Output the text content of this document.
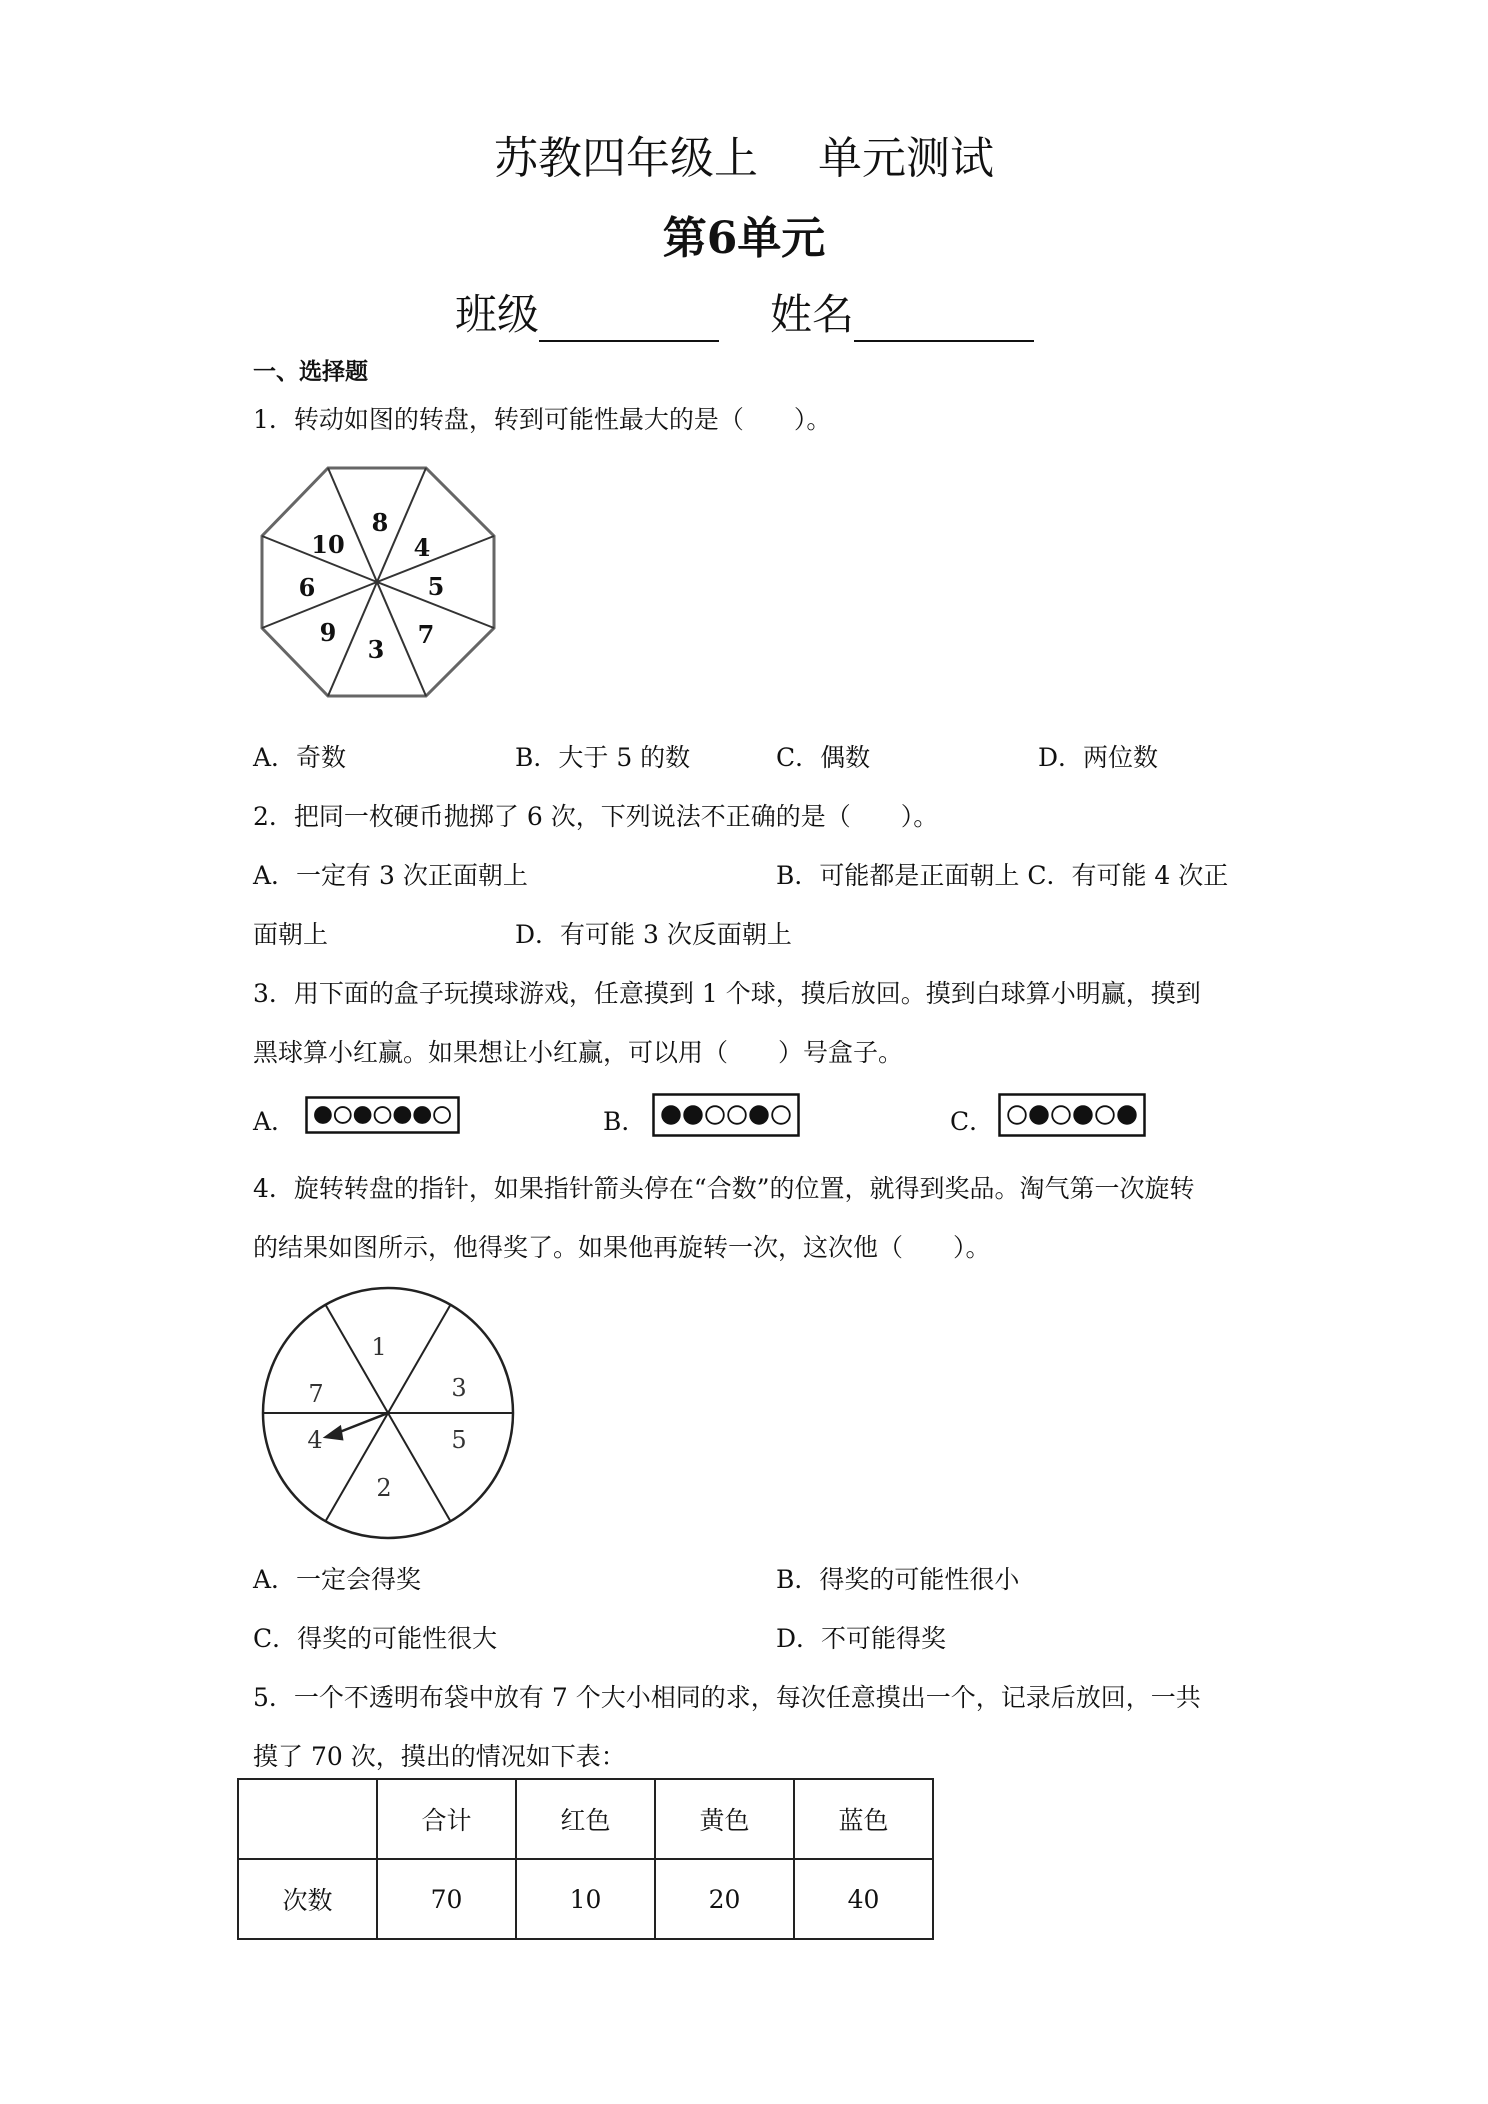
苏教四年级上 单元测试
第6单元
班级	姓名
一、选择题
1．转动如图的转盘，转到可能性最大的是（　　）。
8
4
5
7
3
9
6
10
A．奇数	B．大于 5 的数	C．偶数	D．两位数
2．把同一枚硬币抛掷了 6 次，下列说法不正确的是（　　）。
A．一定有 3 次正面朝上	B．可能都是正面朝上 C．有可能 4 次正
面朝上	D．有可能 3 次反面朝上
3．用下面的盒子玩摸球游戏，任意摸到 1 个球，摸后放回。摸到白球算小明赢，摸到
黑球算小红赢。如果想让小红赢，可以用（　　）号盒子。
A．	B．	C．
4．旋转转盘的指针，如果指针箭头停在“合数”的位置，就得到奖品。淘气第一次旋转
的结果如图所示，他得奖了。如果他再旋转一次，这次他（　　）。
1
3
5
2
4
7
A．一定会得奖	B．得奖的可能性很小
C．得奖的可能性很大	D．不可能得奖
5．一个不透明布袋中放有 7 个大小相同的求，每次任意摸出一个，记录后放回，一共
摸了 70 次，摸出的情况如下表：
	合计	红色	黄色	蓝色
次数	70	10	20	40
